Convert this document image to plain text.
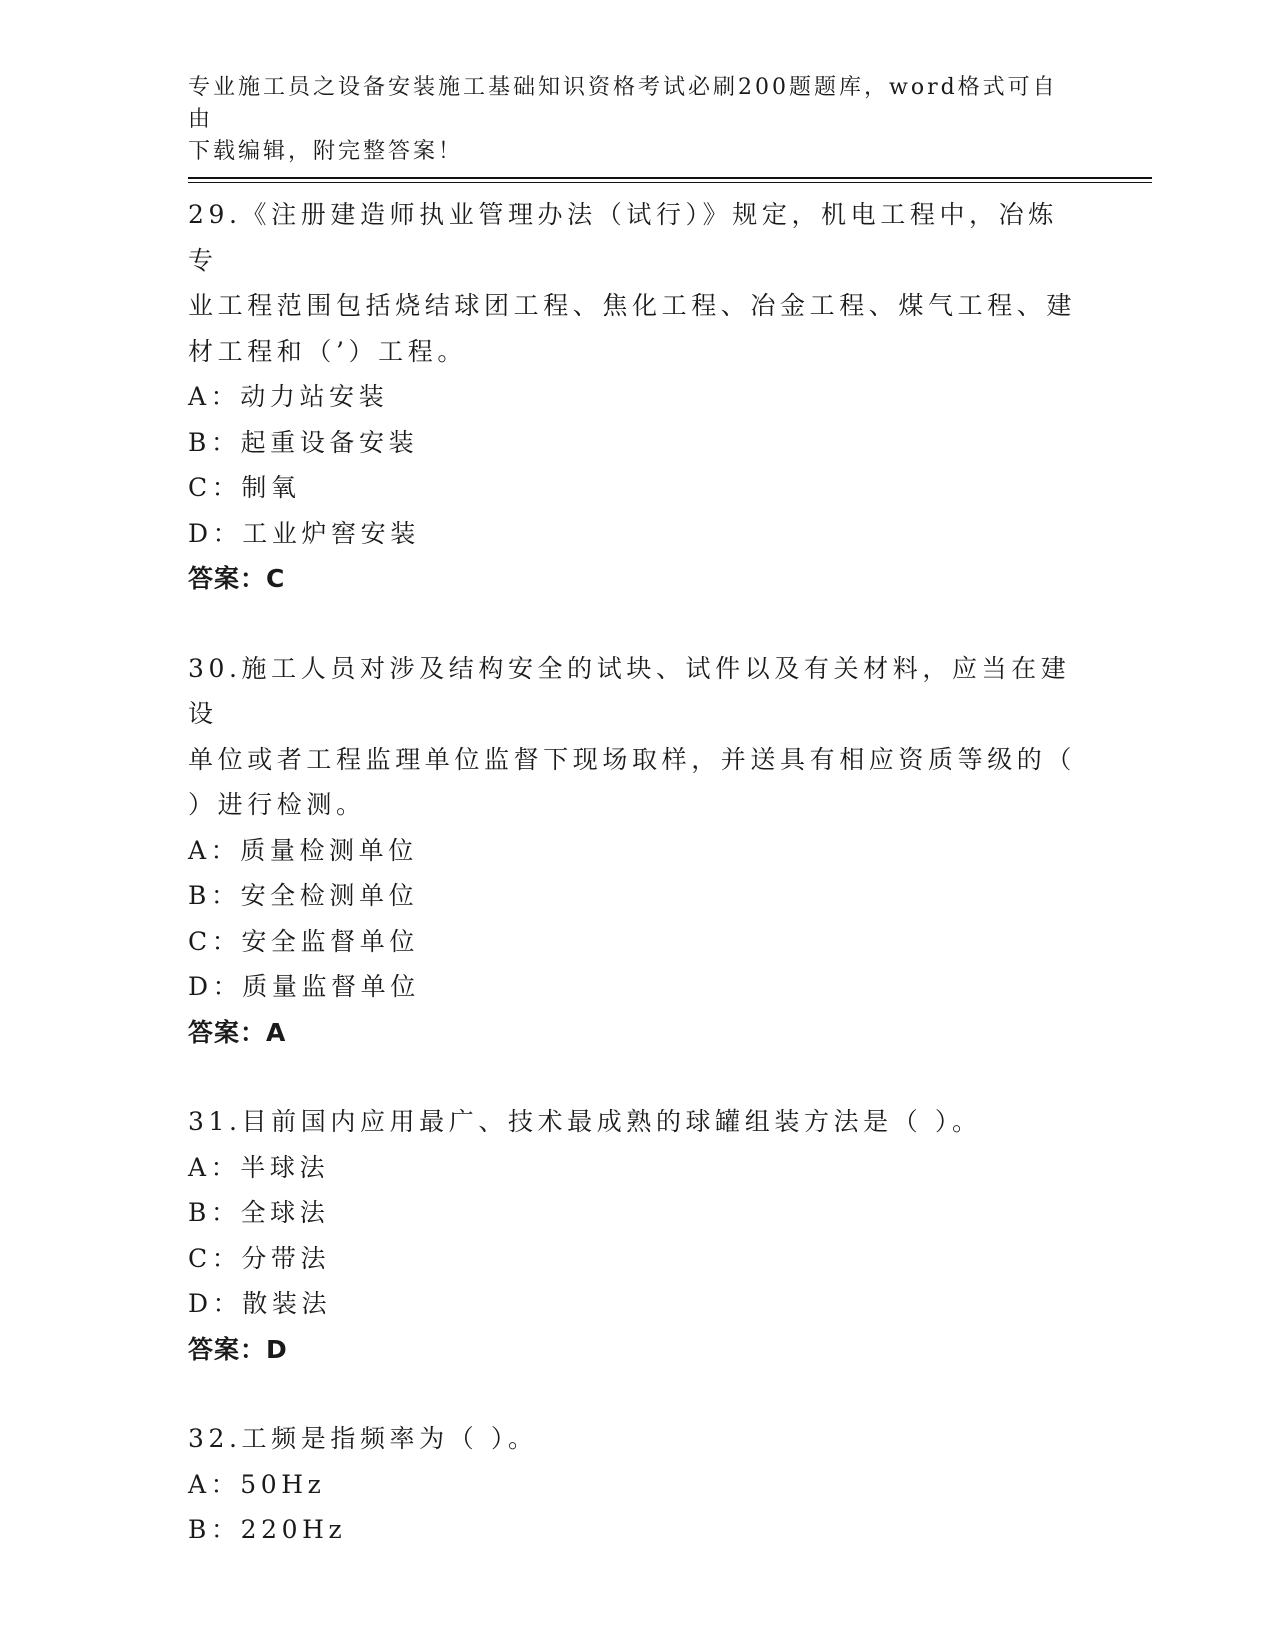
专业施工员之设备安装施工基础知识资格考试必刷200题题库，word格式可自由
下载编辑，附完整答案！

29.《注册建造师执业管理办法（试行）》规定，机电工程中，冶炼专

业工程范围包括烧结球团工程、焦化工程、冶金工程、煤气工程、建

材工程和（’）工程。

A：动力站安装

B：起重设备安装

C：制氧

D：工业炉窖安装

答案：C

30.施工人员对涉及结构安全的试块、试件以及有关材料，应当在建设

单位或者工程监理单位监督下现场取样，并送具有相应资质等级的（

）进行检测。

A：质量检测单位

B：安全检测单位

C：安全监督单位

D：质量监督单位

答案：A

31.目前国内应用最广、技术最成熟的球罐组装方法是（ ）。

A：半球法

B：全球法

C：分带法

D：散装法

答案：D

32.工频是指频率为（ ）。

A：50Hz

B：220Hz
